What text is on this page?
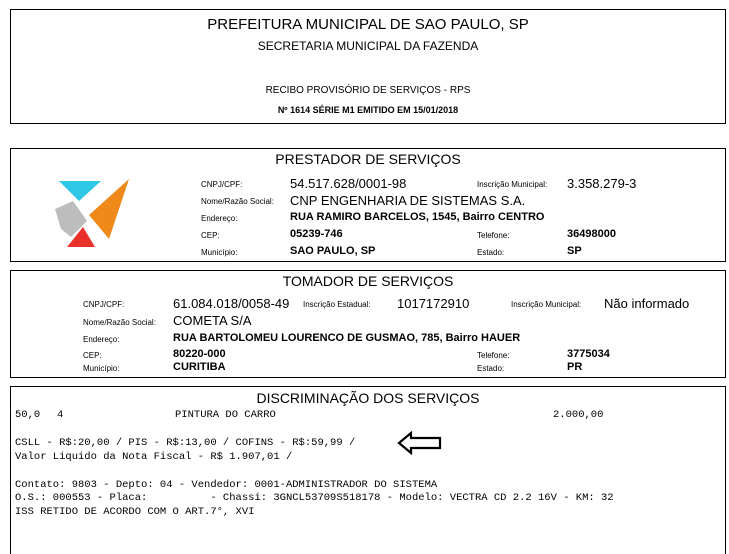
PREFEITURA MUNICIPAL DE SAO PAULO, SP
SECRETARIA MUNICIPAL DA FAZENDA
RECIBO PROVISÓRIO DE SERVIÇOS - RPS
Nº 1614 SÉRIE M1 EMITIDO EM 15/01/2018
PRESTADOR DE SERVIÇOS
CNPJ/CPF:	54.517.628/0001-98	Inscrição Municipal: 3.358.279-3
Nome/Razão Social: CNP ENGENHARIA DE SISTEMAS S.A.
Endereço:	RUA RAMIRO BARCELOS, 1545, Bairro CENTRO
CEP:	05239-746	Telefone:	36498000
Município:	SAO PAULO, SP	Estado:	SP
TOMADOR DE SERVIÇOS
CNPJ/CPF:	61.084.018/0058-49 Inscrição Estadual: 1017172910	Inscrição Municipal: Não informado
Nome/Razão Social: COMETA S/A
Endereço:	RUA BARTOLOMEU LOURENCO DE GUSMAO, 785, Bairro HAUER
CEP:	80220-000	Telefone:	3775034
Município:	CURITIBA	Estado:	PR
DISCRIMINAÇÃO DOS SERVIÇOS
50,0 4	PINTURA DO CARRO	2.000,00
CSLL - R$:20,00 / PIS - R$:13,00 / COFINS - R$:59,99 /
Valor Liquido da Nota Fiscal - R$ 1.907,01 /
Contato: 9803 - Depto: 04 - Vendedor: 0001-ADMINISTRADOR DO SISTEMA
O.S.: 000553 - Placa:          - Chassi: 3GNCL53709S518178 - Modelo: VECTRA CD 2.2 16V - KM: 32
ISS RETIDO DE ACORDO COM O ART.7°, XVI
